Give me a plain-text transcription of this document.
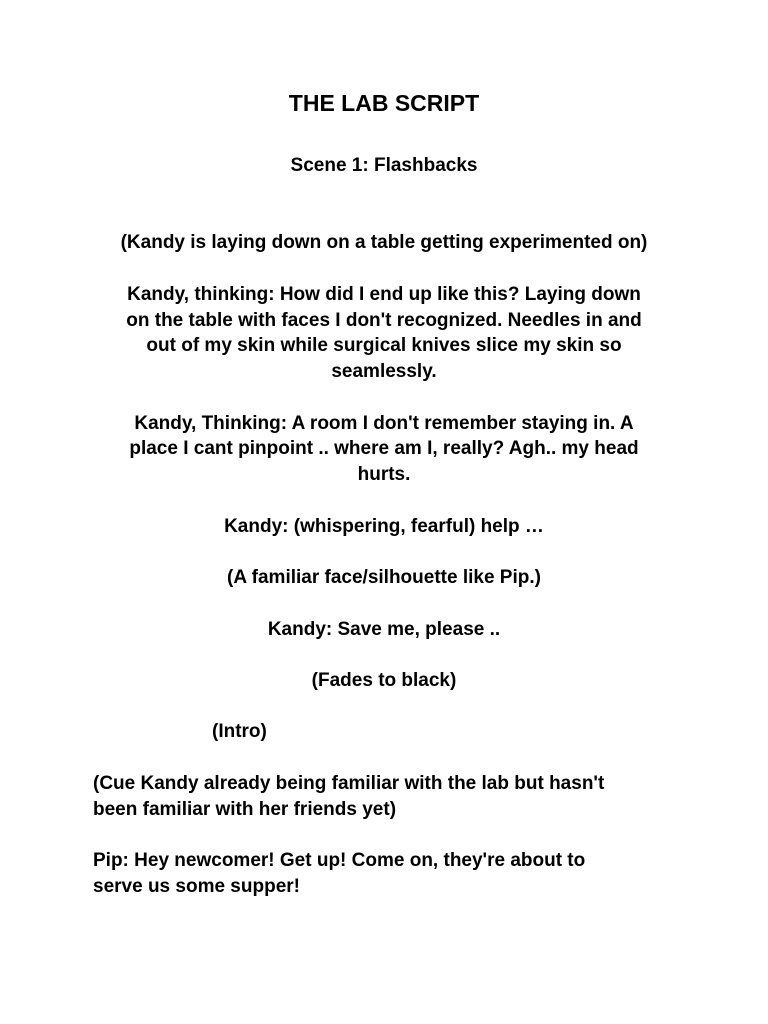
THE LAB SCRIPT

Scene 1: Flashbacks

(Kandy is laying down on a table getting experimented on)

Kandy, thinking: How did I end up like this? Laying down

on the table with faces I don't recognized. Needles in and

out of my skin while surgical knives slice my skin so

seamlessly.

Kandy, Thinking: A room I don't remember staying in. A

place I cant pinpoint .. where am I, really? Agh.. my head

hurts.

Kandy: (whispering, fearful) help …

(A familiar face/silhouette like Pip.)

Kandy: Save me, please ..

(Fades to black)

(Intro)

(Cue Kandy already being familiar with the lab but hasn't

been familiar with her friends yet)

Pip: Hey newcomer! Get up! Come on, they're about to

serve us some supper!
